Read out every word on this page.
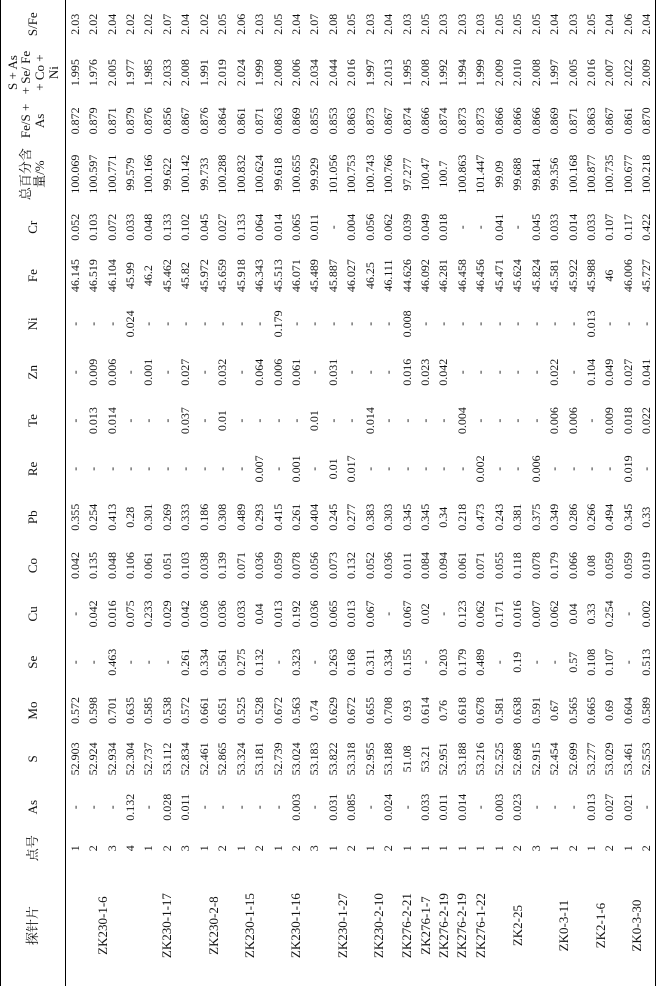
探针片	点号	As	S	Mo	Se	Cu	Co	Pb	Re	Te	Zn	Ni	Fe	Cr	总百分含量/%	Fe/S + As	S + As + Se/ Fe + Co + Ni	S/Fe
ZK230-1-6	1	-	52.903	0.572	-	-	0.042	0.355	-	-	-	-	46.145	0.052	100.069	0.872	1.995	2.03
	2	-	52.924	0.598	-	0.042	0.135	0.254	-	0.013	0.009	-	46.519	0.103	100.597	0.879	1.976	2.02
	3	-	52.934	0.701	0.463	0.016	0.048	0.413	-	0.014	0.006	-	46.104	0.072	100.771	0.871	2.005	2.04
	4	0.132	52.304	0.635	-	0.075	0.106	0.28	-	-	-	0.024	45.99	0.033	99.579	0.879	1.977	2.02
ZK230-1-17	1	-	52.737	0.585	-	0.233	0.061	0.301	-	-	0.001	-	46.2	0.048	100.166	0.876	1.985	2.02
	2	0.028	53.112	0.538	-	0.029	0.051	0.269	-	-	-	-	45.462	0.133	99.622	0.856	2.033	2.07
	3	0.011	52.834	0.572	0.261	0.042	0.103	0.333	-	0.037	0.027	-	45.82	0.102	100.142	0.867	2.008	2.04
ZK230-2-8	1	-	52.461	0.661	0.334	0.036	0.038	0.186	-	-	-	-	45.972	0.045	99.733	0.876	1.991	2.02
	2	-	52.865	0.651	0.561	0.036	0.139	0.308	-	0.01	0.032	-	45.659	0.027	100.288	0.864	2.019	2.05
ZK230-1-15	1	-	53.324	0.525	0.275	0.033	0.071	0.489	-	-	-	-	45.918	0.133	100.832	0.861	2.024	2.06
	2	-	53.181	0.528	0.132	0.04	0.036	0.293	0.007	-	0.064	-	46.343	0.064	100.624	0.871	1.999	2.03
ZK230-1-16	1	-	52.739	0.672	-	0.013	0.059	0.415	-	-	0.006	0.179	45.513	0.014	99.618	0.863	2.008	2.05
	2	0.003	53.024	0.563	0.323	0.192	0.078	0.261	0.001	-	0.061	-	46.071	0.065	100.655	0.869	2.006	2.04
	3	-	53.183	0.74	-	0.036	0.056	0.404	-	0.01	-	-	45.489	0.011	99.929	0.855	2.034	2.07
ZK230-1-27	1	0.031	53.822	0.629	0.263	0.065	0.073	0.245	0.01	-	0.031	-	45.887	-	101.056	0.853	2.044	2.08
	2	0.085	53.318	0.672	0.168	0.013	0.132	0.277	0.017	-	-	-	46.027	0.004	100.753	0.863	2.016	2.05
ZK230-2-10	1	-	52.955	0.655	0.311	0.067	0.052	0.383	-	0.014	-	-	46.25	0.056	100.743	0.873	1.997	2.03
	2	0.024	53.188	0.708	0.334	-	0.036	0.303	-	-	-	-	46.111	0.062	100.766	0.867	2.013	2.04
ZK276-2-21	1	-	51.08	0.93	0.155	0.067	0.011	0.345	-	-	0.016	0.008	44.626	0.039	97.277	0.874	1.995	2.03
ZK276-1-7	1	0.033	53.21	0.614	-	0.02	0.084	0.345	-	-	0.023	-	46.092	0.049	100.47	0.866	2.008	2.05
ZK276-2-19	1	0.011	52.951	0.76	0.203	-	0.094	0.34	-	-	0.042	-	46.281	0.018	100.7	0.874	1.992	2.03
ZK276-2-19	1	0.014	53.188	0.618	0.179	0.123	0.061	0.218	-	0.004	-	-	46.458	-	100.863	0.873	1.994	2.03
ZK276-1-22	1	-	53.216	0.678	0.489	0.062	0.071	0.473	0.002	-	-	-	46.456	-	101.447	0.873	1.999	2.03
ZK2-25	1	0.003	52.525	0.581	-	0.171	0.055	0.243	-	-	-	-	45.471	0.041	99.09	0.866	2.009	2.05
	2	0.023	52.698	0.638	0.19	0.016	0.118	0.381	-	-	-	-	45.624	-	99.688	0.866	2.010	2.05
	3	-	52.915	0.591	-	0.007	0.078	0.375	0.006	-	-	-	45.824	0.045	99.841	0.866	2.008	2.05
ZK0-3-11	1	-	52.454	0.67	-	0.062	0.179	0.349	-	0.006	0.022	-	45.581	0.033	99.356	0.869	1.997	2.04
	2	-	52.699	0.565	0.57	0.04	0.066	0.286	-	0.006	-	-	45.922	0.014	100.168	0.871	2.005	2.03
ZK2-1-6	1	0.013	53.277	0.665	0.108	0.33	0.08	0.266	-	-	0.104	0.013	45.988	0.033	100.877	0.863	2.016	2.05
	2	0.027	53.029	0.69	0.107	0.254	0.059	0.494	-	0.009	0.049	-	46	0.107	100.735	0.867	2.007	2.04
ZK0-3-30	1	0.021	53.461	0.604	-	-	0.059	0.345	0.019	0.018	0.027	-	46.006	0.117	100.677	0.861	2.022	2.06
	2	-	52.553	0.589	0.513	0.002	0.019	0.33	-	0.022	0.041	-	45.727	0.422	100.218	0.870	2.009	2.04
